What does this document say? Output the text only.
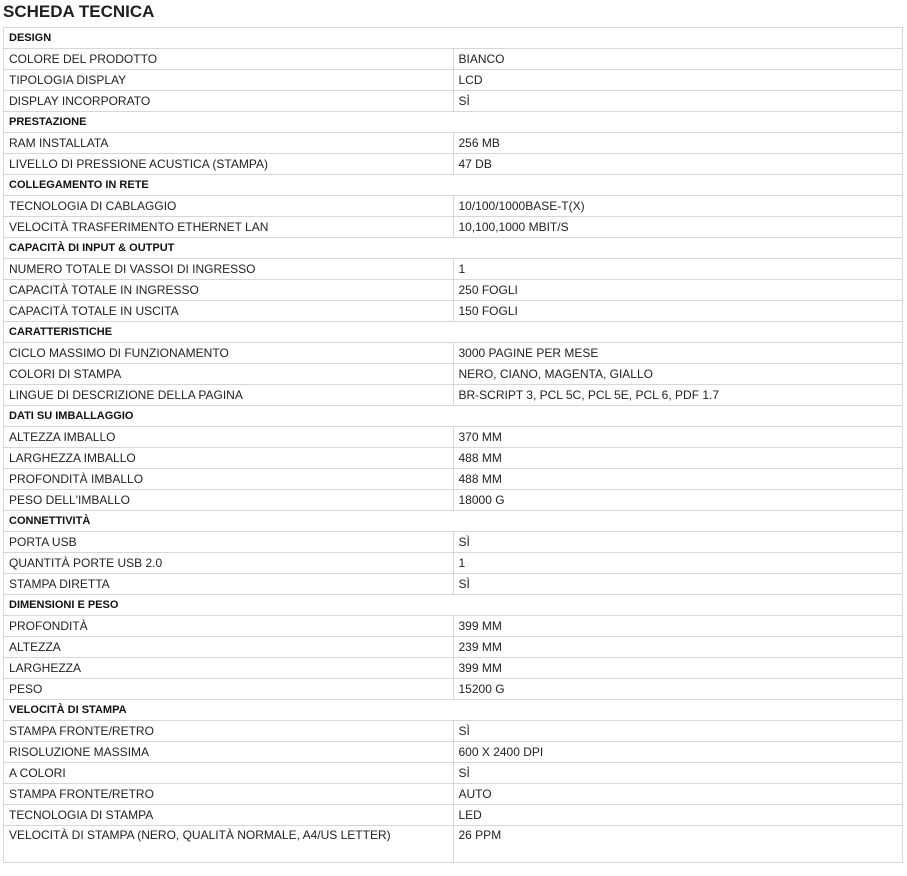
SCHEDA TECNICA
DESIGN	
COLORE DEL PRODOTTO	BIANCO
TIPOLOGIA DISPLAY	LCD
DISPLAY INCORPORATO	SÌ
PRESTAZIONE	
RAM INSTALLATA	256 MB
LIVELLO DI PRESSIONE ACUSTICA (STAMPA)	47 DB
COLLEGAMENTO IN RETE	
TECNOLOGIA DI CABLAGGIO	10/100/1000BASE-T(X)
VELOCITÀ TRASFERIMENTO ETHERNET LAN	10,100,1000 MBIT/S
CAPACITÀ DI INPUT & OUTPUT	
NUMERO TOTALE DI VASSOI DI INGRESSO	1
CAPACITÀ TOTALE IN INGRESSO	250 FOGLI
CAPACITÀ TOTALE IN USCITA	150 FOGLI
CARATTERISTICHE	
CICLO MASSIMO DI FUNZIONAMENTO	3000 PAGINE PER MESE
COLORI DI STAMPA	NERO, CIANO, MAGENTA, GIALLO
LINGUE DI DESCRIZIONE DELLA PAGINA	BR-SCRIPT 3, PCL 5C, PCL 5E, PCL 6, PDF 1.7
DATI SU IMBALLAGGIO	
ALTEZZA IMBALLO	370 MM
LARGHEZZA IMBALLO	488 MM
PROFONDITÀ IMBALLO	488 MM
PESO DELL'IMBALLO	18000 G
CONNETTIVITÀ	
PORTA USB	SÌ
QUANTITÀ PORTE USB 2.0	1
STAMPA DIRETTA	SÌ
DIMENSIONI E PESO	
PROFONDITÀ	399 MM
ALTEZZA	239 MM
LARGHEZZA	399 MM
PESO	15200 G
VELOCITÀ DI STAMPA	
STAMPA FRONTE/RETRO	SÌ
RISOLUZIONE MASSIMA	600 X 2400 DPI
A COLORI	SÌ
STAMPA FRONTE/RETRO	AUTO
TECNOLOGIA DI STAMPA	LED
VELOCITÀ DI STAMPA (NERO, QUALITÀ NORMALE, A4/US LETTER)	26 PPM
